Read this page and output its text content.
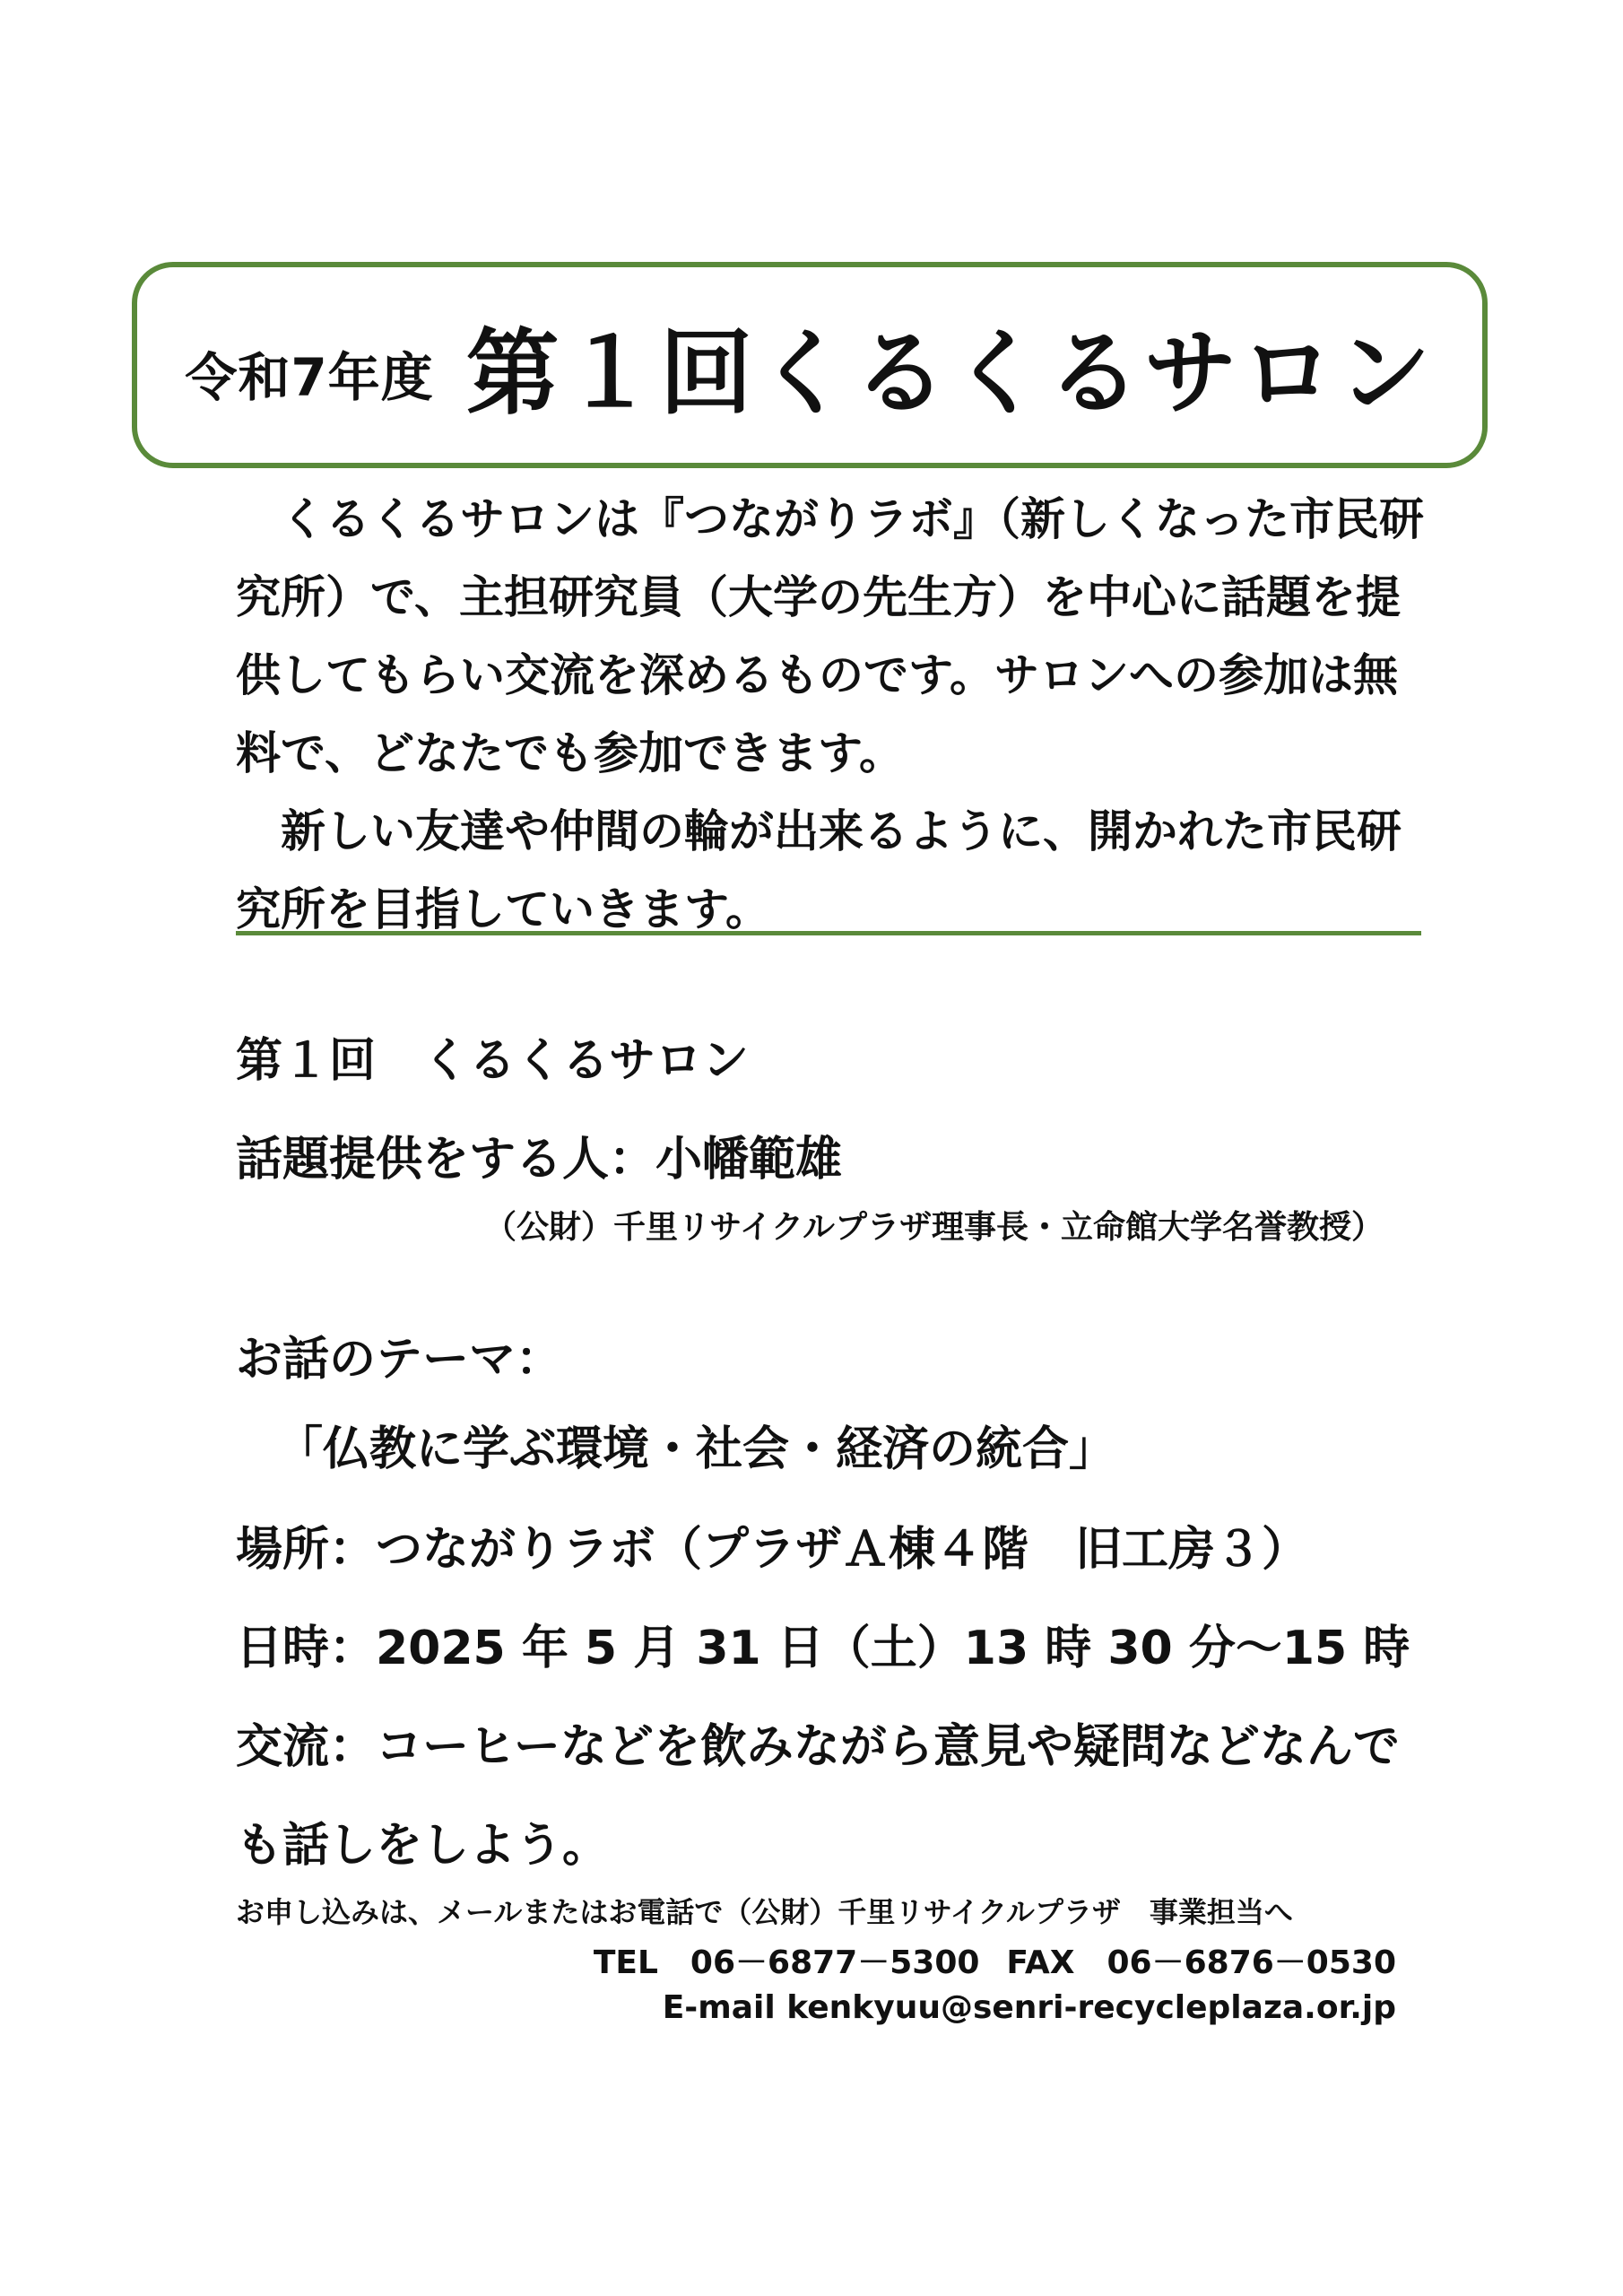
令和7年度 第１回くるくるサロン

くるくるサロンは『つながりラボ』（新しくなった市民研究所）で、主担研究員（大学の先生方）を中心に話題を提供してもらい交流を深めるものです。サロンへの参加は無料で、どなたでも参加できます。

新しい友達や仲間の輪が出来るように、開かれた市民研究所を目指していきます。

第１回　くるくるサロン
話題提供をする人：小幡範雄
（公財）千里リサイクルプラザ理事長・立命館大学名誉教授）
お話のテーマ：
「仏教に学ぶ環境・社会・経済の統合」
場所：つながりラボ（プラザＡ棟４階　旧工房３）
日時：2025 年 5 月 31 日（土）13 時 30 分～15 時
交流：コーヒーなどを飲みながら意見や疑問などなんで
も話しをしよう。
お申し込みは、メールまたはお電話で（公財）千里リサイクルプラザ　事業担当へ
TEL　06－6877－5300 FAX　06－6876－0530
E-mail kenkyuu@senri-recycleplaza.or.jp
